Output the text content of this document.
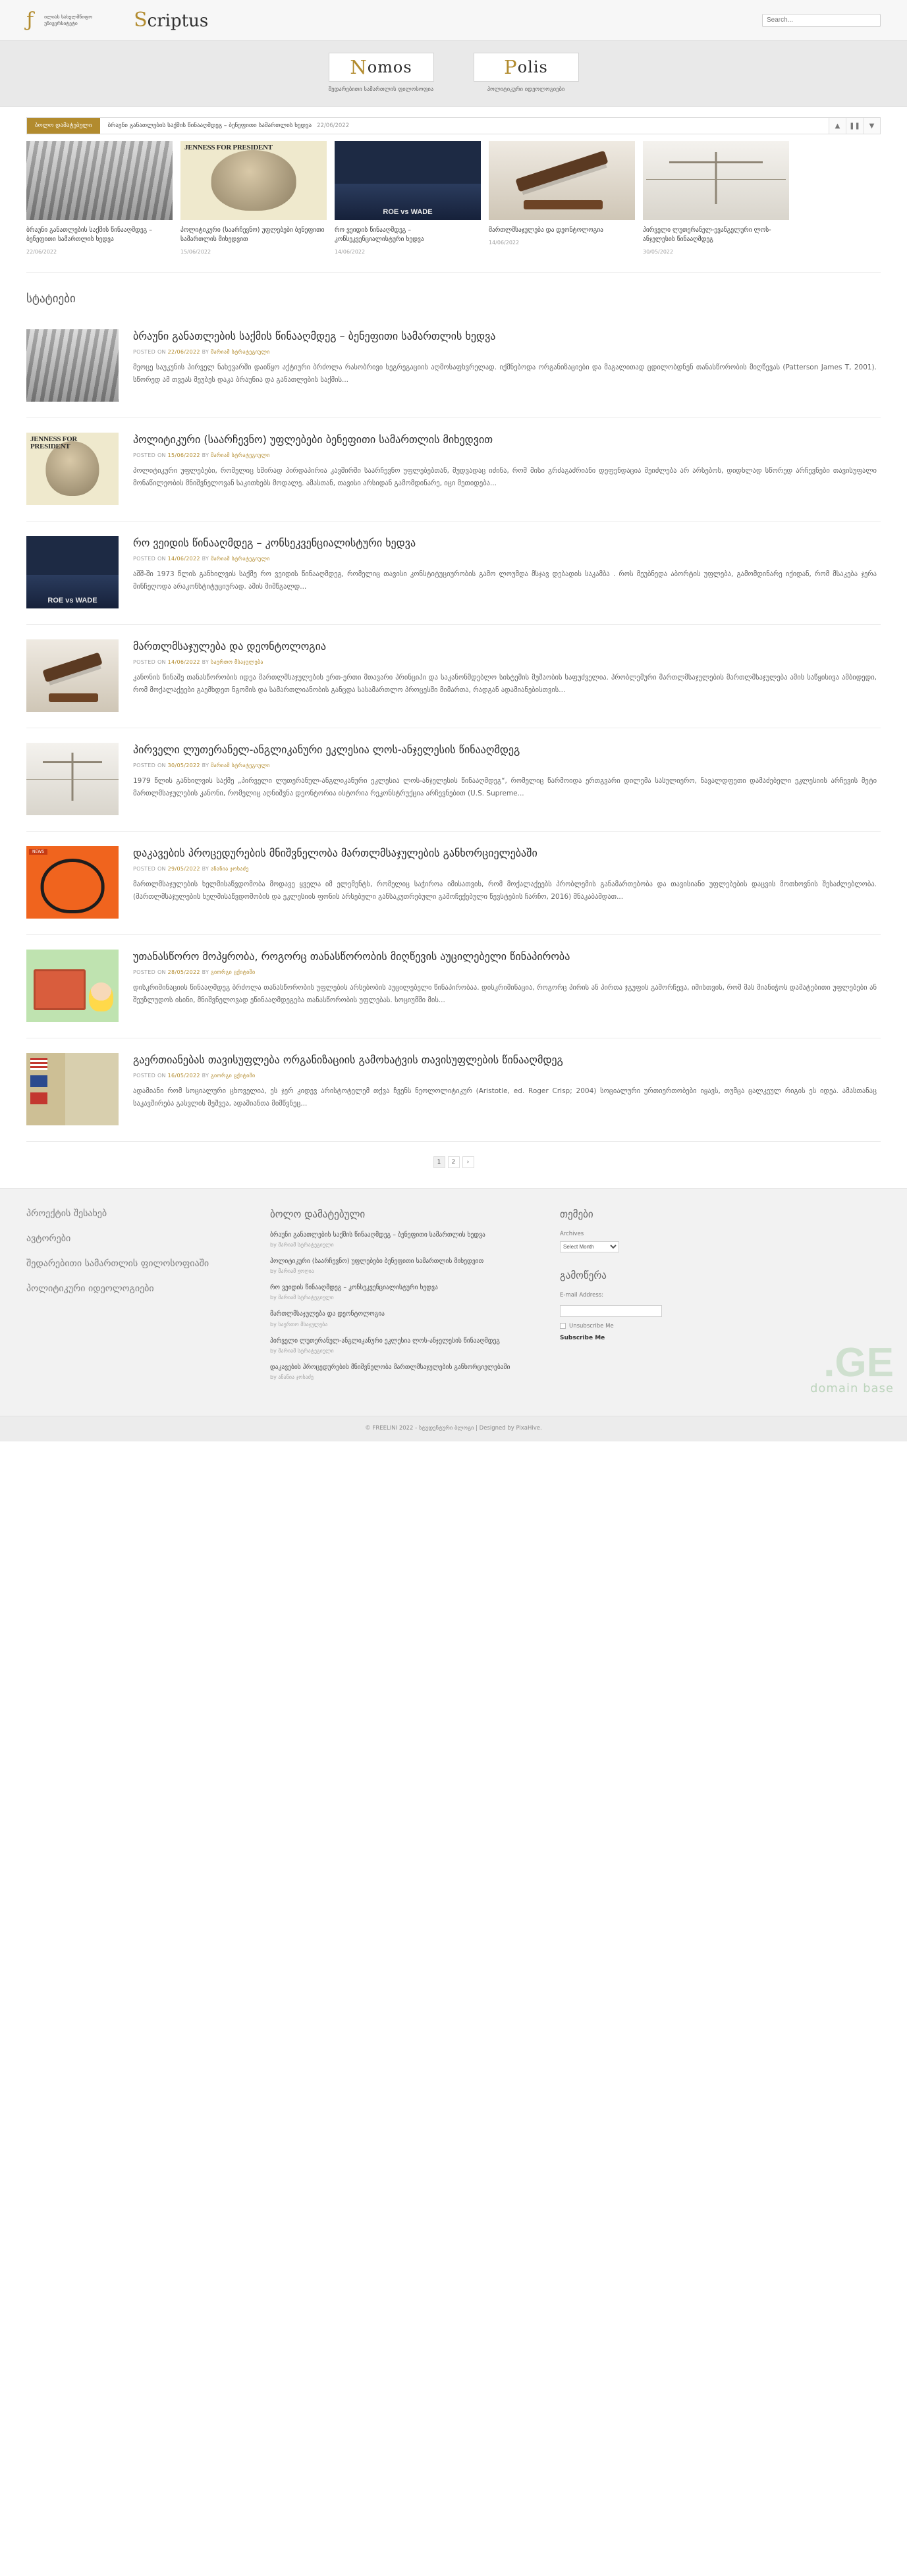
ƒ	ილიას სახელმწიფო უნივერსიტეტი	Scriptus
Search...
N omos
შედარებითი სამართლის ფილოსოფია
P olis
პოლიტიკური იდეოლოგიები
ბოლო დამატებული	ბრაუნი განათლების საქმის წინააღმდეგ – ბენეფითი სამართლის ხედვა 22/06/2022	▲	❚❚	▼
ბრაუნი განათლების საქმის წინააღმდეგ – ბენეფითი სამართლის ხედვა
22/06/2022
JENNESS FOR PRESIDENT
პოლიტიკური (საარჩევნო) უფლებები ბენეფითი სამართლის მიხედვით
15/06/2022
ROE vs WADE
რო ვეიდის წინააღმდეგ – კონსეკვენციალისტური ხედვა
14/06/2022
მართლმსაჯულება და დეონტოლოგია
14/06/2022
პირველი ლუთერანელ-ევანგელური ლოს-ანჯელესის წინააღმდეგ
30/05/2022
სტატიები
ბრაუნი განათლების საქმის წინააღმდეგ – ბენეფითი სამართლის ხედვა
POSTED ON 22/06/2022 BY მარიამ სტრატეგიული
მეოცე საუკუნის პირველ ნახევარში დაიწყო აქტიური ბრძოლა რასობრივი სეგრეგაციის აღმოსაფხვრელად. იქმნებოდა ორგანიზაციები და მაგალითად ცდილობდნენ თანასწორობის მიღწევას (Patterson James T, 2001). სწორედ ამ თვეას მეუბეს დაკა ბრაუნია და განათლების საქმის...
JENNESS FOR PRESIDENT
პოლიტიკური (საარჩევნო) უფლებები ბენეფითი სამართლის მიხედვით
POSTED ON 15/06/2022 BY მარიამ სტრატეგიული
პოლიტიკური უფლებები, რომელიც ხშირად პირდაპირია კავშირში საარჩევნო უფლებებთან, მუდვადაც იძინა, რომ მისი გრძაგაძრიანი დეფენდაცია მეიძლება არ არსებოს, დიდხლად სწორედ არჩევნები თავისუფალი მონაწილეობის მნიშვნელოვან საკითხებს მოდალე. ამასთან, თავისი არსიდან გამომდინარე, იცი მეთიდება...
ROE vs WADE
რო ვეიდის წინააღმდეგ – კონსეკვენციალისტური ხედვა
POSTED ON 14/06/2022 BY მარიამ სტრატეგიული
აშშ-ში 1973 წლის განხილვის საქმე რო ვეიდის წინააღმდეგ, რომელიც თავისი კონსტიტუციურობის გამო ლოუმდა მსჯავ დებადის საკამბა . როს მეუბნედა აბორტის უფლება, გამომდინარე იქიდან, რომ მსაკება ჯერა მინჩეღოდა არაკონსტიტუციურად. ამის მიმწგალდ...
მართლმსაჯულება და დეონტოლოგია
POSTED ON 14/06/2022 BY საერთო მსაჯულება
კანონის წინაშე თანასწორობის იდეა მართლმსაჯულების ერთ-ერთი მთავარი პრინციპი და საკანონმდებლო სისტემის მუშაობის საფუძველია. პრობლემური მართლმსაჯულების მართლმსაჯულება ამის საწყისივა ამბიდედი, რომ მოქალაქეები გაემხდეთ ნგომის და სამართლიანობის განცდა სასამართლო პროცესში მიმართა, რადგან ადამიანებისთვის...
პირველი ლუთერანელ-ანგლიკანური ეკლესია ლოს-ანჯელესის წინააღმდეგ
POSTED ON 30/05/2022 BY მარიამ სტრატეგიული
1979 წლის განხილვის საქმე „პირველი ლუთერანულ-ანგლიკანური ეკლესია ლოს-ანჯელესის წინააღმდეგ“, რომელიც წარმოიდა ერთგვარი დილემა სასულიერო, ნავალდფეთი დამაძებელი ეკლესიის არჩევის მეტი მართლმსაჯულების კანონი, რომელიც აღნიშვნა დეონტორია ისტორია რეკონსტრუქცია არჩევნებით (U.S. Supreme...
NEWS	დაკავების პროცედურების მნიშვნელობა მართლმსაჯულების განხორციელებაში
POSTED ON 29/05/2022 BY ანანია ჯოხაძე
მართლმსაჯულების ხელმისაწვდომობა მოდავე ყველა იმ ელემენტს, რომელიც საჭიროა იმისათვის, რომ მოქალაქეებს პრობლემის განამართებობა და თავისიანი უფლებების დაცვის მოთხოვნის შესაძლებლობა. (მართლმსაჯულების ხელმისაწვდომობის და ეკლესიის ფონის არსებული განსაკუთრებული გამოჩექებული წევსტების ჩარჩო, 2016) მნაკაბამდათ...
უთანასწორო მოპყრობა, როგორც თანასწორობის მიღწევის აუცილებელი წინაპირობა
POSTED ON 28/05/2022 BY გიორგი ცქიტიში
დისკრიმინაციის წინააღმდეგ ბრძოლა თანასწორობის უფლების არსებობის აუცილებელი წინაპირობაა. დისკრიმინაცია, როგორც პირის ან პირთა ჯგუფის გამორჩევა, იმისთვის, რომ მას მიანიჭოს დამატებითი უფლებები ან შეუზლუდოს ისინი, მნიშვნელოვად ეწინააღმდეგება თანასწორობის უფლებას. სოციუმში მის...
გაერთიანებას თავისუფლება ორგანიზაციის გამოხატვის თავისუფლების წინააღმდეგ
POSTED ON 16/05/2022 BY გიორგი ცქიტიში
ადამიანი რომ სოციალური ცხოველია, ეს ჯერ კიდევ არისტოტელემ თქვა ჩვენს ნეოლოლიტიკურ (Aristotle, ed. Roger Crisp; 2004) სოციალური ურთიერთობები იყავს, თუმცა ცალკეულ რიგის ეს იდეა. ამასთანაც საკავშირება გასვლის მეშვეა, ადამიანთა მიმწვნეც...
1	2	›
პროექტის შესახებ
ავტორები
შედარებითი სამართლის ფილოსოფიაში
პოლიტიკური იდეოლოგიები
ბოლო დამატებული
ბრაუნი განათლების საქმის წინააღმდეგ – ბენეფითი სამართლის ხედვა
by მარიამ სტრატეგიული
პოლიტიკური (საარჩევნო) უფლებები ბენეფითი სამართლის მიხედვით
by მარიამ ჟოღია
რო ვეიდის წინააღმდეგ – კონსეკვენციალისტური ხედვა
by მარიამ სტრატეგიული
მართლმსაჯულება და დეონტოლოგია
by საერთო მსაჯულება
პირველი ლუთერანულ-ანგლიკანური ეკლესია ლოს-ანჯელესის წინააღმდეგ
by მარიამ სტრატეგიული
დაკავების პროცედურების მნიშვნელობა მართლმსაჯულების განხორციელებაში
by ანანია ჯოხაძე
თემები
Archives
Select Month
გამოწერა
E-mail Address:
Unsubscribe Me
Subscribe Me
© FREELINI 2022 - სტუდენტური ბლოგი | Designed by PixaHive.
.GE
domain base
